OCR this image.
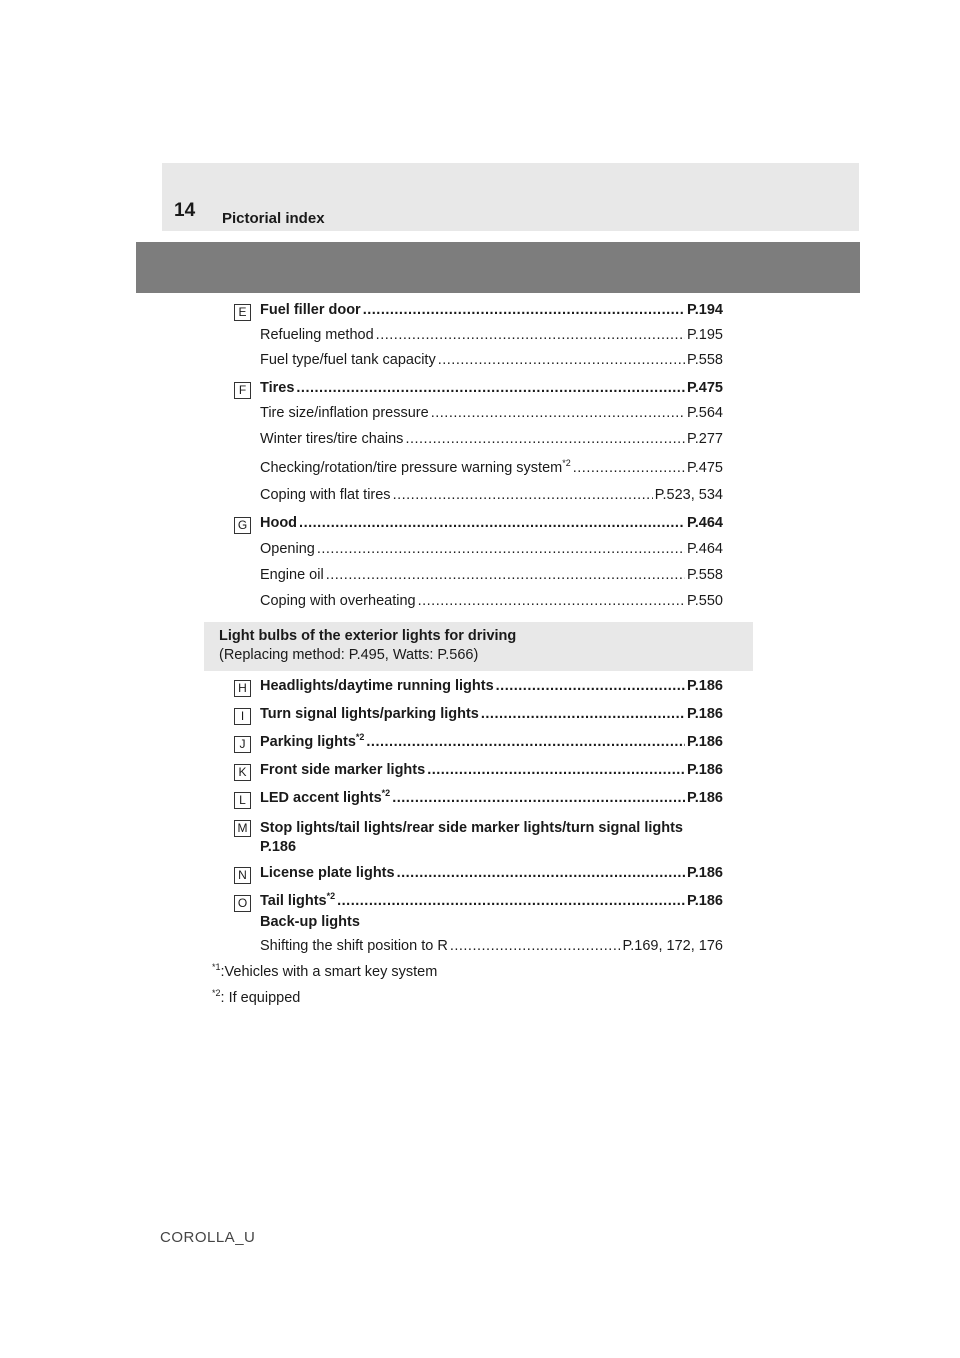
14 Pictorial index
E Fuel filler door .....	P.194
Refueling method .....	P.195
Fuel type/fuel tank capacity .....	P.558
F Tires .....	P.475
Tire size/inflation pressure .....	P.564
Winter tires/tire chains .....	P.277
Checking/rotation/tire pressure warning system$^{*2}$ .....	P.475
Coping with flat tires .....	P.523, 534
G Hood .....	P.464
Opening .....	P.464
Engine oil .....	P.558
Coping with overheating .....	P.550
Light bulbs of the exterior lights for driving
(Replacing method: P.495, Watts: P.566)
H Headlights/daytime running lights .....	P.186
I	Turn signal lights/parking lights .....	P.186
J	Parking lights$^{*2}$ .....	P.186
K Front side marker lights .....	P.186
L LED accent lights$^{*2}$ .....	P.186
M Stop lights/tail lights/rear side marker lights/turn signal lights
P.186
N License plate lights .....	P.186
O Tail lights$^{*2}$ .....	P.186
Back-up lights
Shifting the shift position to R .....	P.169, 172, 176
$^{*1}$:Vehicles with a smart key system
$^{*2}$: If equipped
COROLLA_U
